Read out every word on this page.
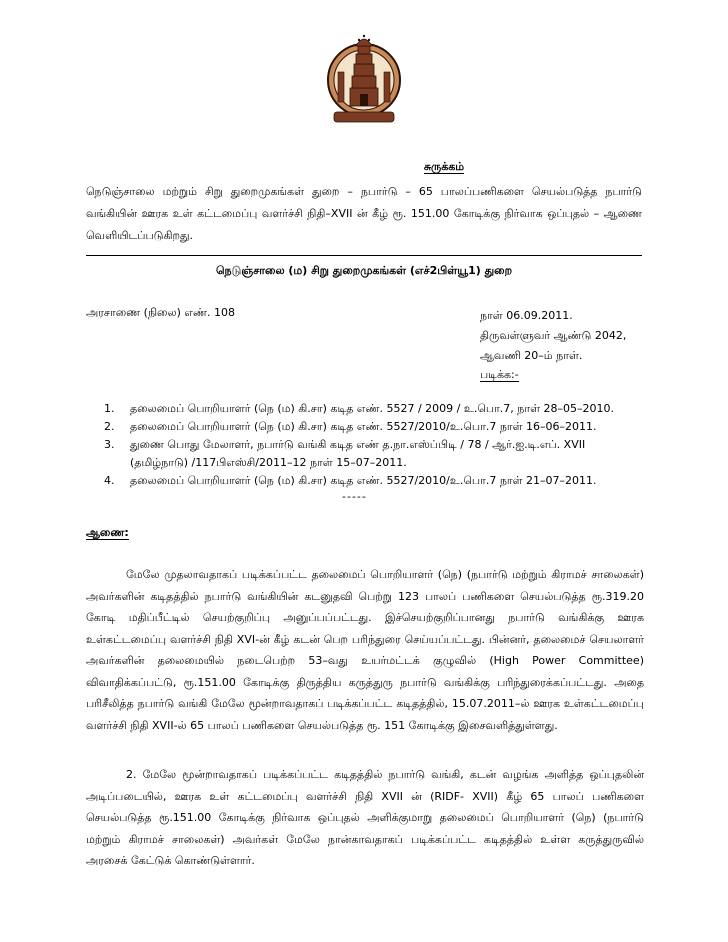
சுருக்கம்
நெடுஞ்சாலை மற்றும் சிறு துறைமுகங்கள் துறை – நபார்டு – 65 பாலப்பணிகளை செயல்படுத்த நபார்டு வங்கியின் ஊரக உள் கட்டமைப்பு வளர்ச்சி நிதி–XVII ன் கீழ் ரூ. 151.00 கோடிக்கு நிர்வாக ஒப்புதல் – ஆணை வெளியிடப்படுகிறது.
நெடுஞ்சாலை (ம) சிறு துறைமுகங்கள் (எச்2பிள்யூ1) துறை
அரசாணை (நிலை) எண். 108	நாள் 06.09.2011.
திருவள்ளுவர் ஆண்டு 2042,
ஆவணி 20–ம் நாள்.
படிக்க:-
1. தலைமைப் பொறியாளர் (நெ (ம) கி.சா) கடித எண். 5527 / 2009 / உ.பொ.7, நாள் 28–05–2010.
2. தலைமைப் பொறியாளர் (நெ (ம) கி.சா) கடித எண். 5527/2010/உ.பொ.7 நாள் 16–06–2011.
3. துணை பொது மேலாளர், நபார்டு வங்கி கடித எண் த.நா.எஸ்ப்பிடி / 78 / ஆர்.ஐ.டி.எப். XVII (தமிழ்நாடு) /117பிஎஸ்சி/2011–12 நாள் 15–07–2011.
4. தலைமைப் பொறியாளர் (நெ (ம) கி.சா) கடித எண். 5527/2010/உ.பொ.7 நாள் 21–07–2011.
-----
ஆணை:
மேலே முதலாவதாகப் படிக்கப்பட்ட தலைமைப் பொறியாளர் (நெ) (நபார்டு மற்றும் கிராமச் சாலைகள்) அவர்களின் கடிதத்தில் நபார்டு வங்கியின் கடனுதவி பெற்று 123 பாலப் பணிகளை செயல்படுத்த ரூ.319.20 கோடி மதிப்பீட்டில் செயற்குறிப்பு அனுப்பப்பட்டது. இச்செயற்குறிப்பானது நபார்டு வங்கிக்கு ஊரக உள்கட்டமைப்பு வளர்ச்சி நிதி XVI-ன் கீழ் கடன் பெற பரிந்துரை செய்யப்பட்டது. பின்னர், தலைமைச் செயலாளர் அவர்களின் தலைமையில் நடைபெற்ற 53–வது உயர்மட்டக் குழுவில் (High Power Committee) விவாதிக்கப்பட்டு, ரூ.151.00 கோடிக்கு திருத்திய கருத்துரு நபார்டு வங்கிக்கு பரிந்துரைக்கப்பட்டது. அதை பரிசீலித்த நபார்டு வங்கி மேலே மூன்றாவதாகப் படிக்கப்பட்ட கடிதத்தில், 15.07.2011–ல் ஊரக உள்கட்டமைப்பு வளர்ச்சி நிதி XVII-ல் 65 பாலப் பணிகளை செயல்படுத்த ரூ. 151 கோடிக்கு இசைவளித்துள்ளது.
2. மேலே மூன்றாவதாகப் படிக்கப்பட்ட கடிதத்தில் நபார்டு வங்கி, கடன் வழங்க அளித்த ஒப்புதலின் அடிப்படையில், ஊரக உள் கட்டமைப்பு வளர்ச்சி நிதி XVII ன் (RIDF- XVII) கீழ் 65 பாலப் பணிகளை செயல்படுத்த ரூ.151.00 கோடிக்கு நிர்வாக ஒப்புதல் அளிக்குமாறு தலைமைப் பொறியாளர் (நெ) (நபார்டு மற்றும் கிராமச் சாலைகள்) அவர்கள் மேலே நான்காவதாகப் படிக்கப்பட்ட கடிதத்தில் உள்ள கருத்துருவில் அரசைக் கேட்டுக் கொண்டுள்ளார்.
